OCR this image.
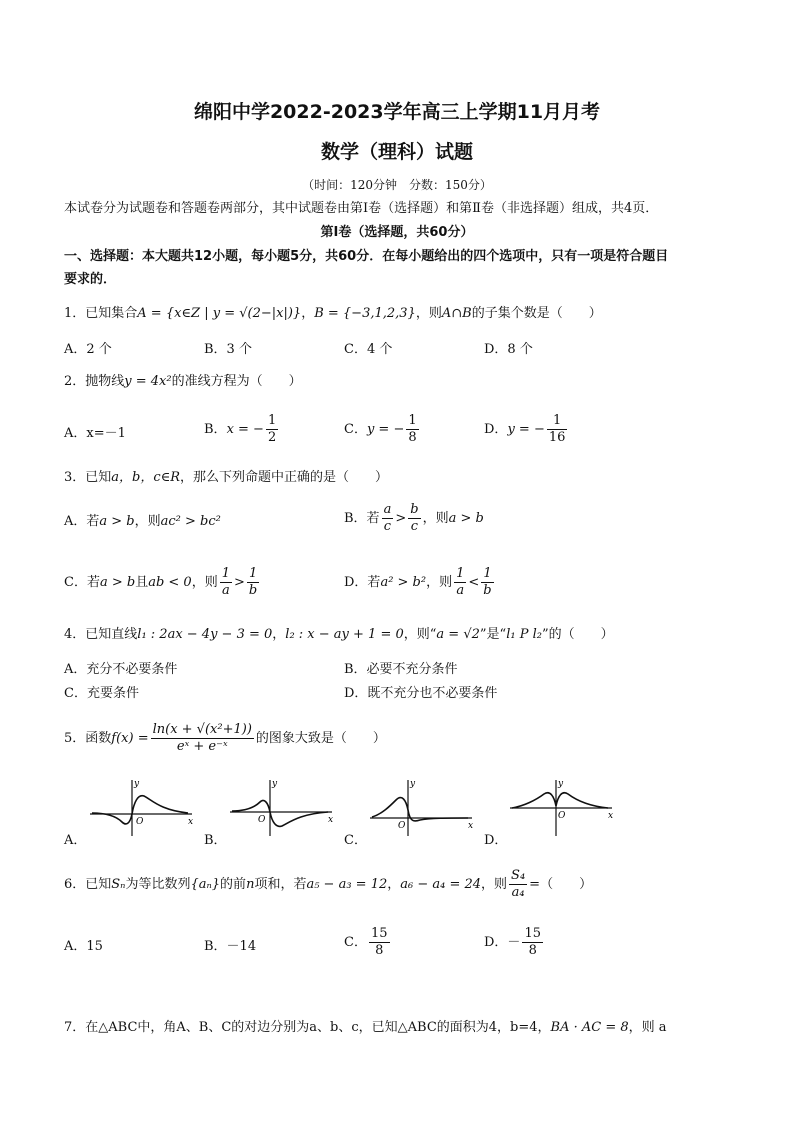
绵阳中学2022-2023学年高三上学期11月月考
数学（理科）试题
（时间：120分钟　分数：150分）
本试卷分为试题卷和答题卷两部分，其中试题卷由第Ⅰ卷（选择题）和第Ⅱ卷（非选择题）组成，共4页．
第Ⅰ卷（选择题，共60分）
一、选择题：本大题共12小题，每小题5分，共60分．在每小题给出的四个选项中，只有一项是符合题目
要求的．
1．已知集合A = {x∈Z | y = √(2−|x|)}，B = {−3,1,2,3}，则A∩B的子集个数是（　　）
A．2 个	B．3 个	C．4 个	D．8 个
2．抛物线y = 4x²的准线方程为（　　）
A．x=－1	B．x = − $\frac{1}{2}$	C．y = − $\frac{1}{8}$	D．y = − $\frac{1}{16}$
3．已知a，b，c∈R，那么下列命题中正确的是（　　）
A．若a > b，则ac² > bc²	B．若 $\frac{a}{c} > \frac{b}{c}$ ，则a > b
C．若a > b且ab < 0，则 $\frac{1}{a} > \frac{1}{b}$	D．若a² > b²，则 $\frac{1}{a} < \frac{1}{b}$
4．已知直线l₁ : 2ax − 4y − 3 = 0，l₂ : x − ay + 1 = 0，则“a = √2”是“l₁ P l₂”的（　　）
A．充分不必要条件	B．必要不充分条件
C．充要条件	D．既不充分也不必要条件
5．函数$f(x) = \frac{\text{ln(x + √(x²+1))}}{\text{eˣ + e⁻ˣ}}$ 的图象大致是（　　）
y
x
O
y
x
O
y
x
O
y
x
O
A．	B．	C．	D．
6．已知Sₙ为等比数列{aₙ}的前n项和，若a₅ − a₃ = 12，a₆ − a₄ = 24，则 $\frac{\text{S₄}}{\text{a₄}}$ =（　　）
A．15	B．－14	C． $\frac{15}{8}$	D．－ $\frac{15}{8}$
7．在△ABC中，角A、B、C的对边分别为a、b、c，已知△ABC的面积为4，b=4，BA · AC = 8，则 a
